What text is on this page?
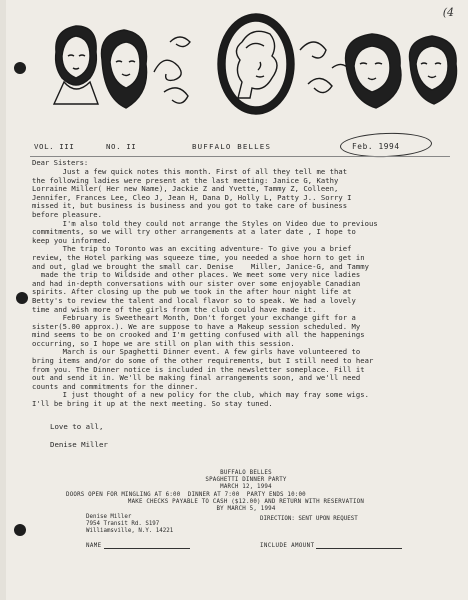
(4
VOL. III	NO. II	BUFFALO BELLES	Feb. 1994
Dear Sisters:

Just a few quick notes this month. First of all they tell me that

the following ladies were present at the last meeting: Janice G, Kathy

Lorraine Miller( Her new Name), Jackie Z and Yvette, Tammy Z, Colleen,

Jennifer, Frances Lee, Cleo J, Jean H, Dana D, Holly L, Patty J.. Sorry I

missed it, but business is business and you got to take care of business

before pleasure.

I'm also told they could not arrange the Styles on Video due to previous

commitments, so we will try other arrangements at a later date , I hope to

keep you informed.

The trip to Toronto was an exciting adventure- To give you a brief

review, the Hotel parking was squeeze time, you needed a shoe horn to get in

and out, glad we brought the small car. Denise    Miller, Janice-G, and Tammy

made the trip to Wildside and other places. We meet some very nice ladies

and had in-depth conversations with our sister over some enjoyable Canadian

spirits. After closing up the pub we took in the after hour night life at

Betty's to review the talent and local flavor so to speak. We had a lovely

time and wish more of the girls from the club could have made it.

February is Sweetheart Month, Don't forget your exchange gift for a

sister(5.00 approx.). We are suppose to have a Makeup session scheduled. My

mind seems to be on crooked and I'm getting confused with all the happenings

occurring, so I hope we are still on plan with this session.

March is our Spaghetti Dinner event. A few girls have volunteered to

bring items and/or do some of the other requirements, but I still need to hear

from you. The Dinner notice is included in the newsletter someplace. Fill it

out and send it in. We'll be making final arrangements soon, and we'll need

counts and commitments for the dinner.

I just thought of a new policy for the club, which may fray some wigs.

I'll be bring it up at the next meeting. So stay tuned.

Love to all,
Denise Miller
BUFFALO BELLES
SPAGHETTI DINNER PARTY
MARCH 12, 1994
DOORS OPEN FOR MINGLING AT 6:00  DINNER AT 7:00  PARTY ENDS 10:00
MAKE CHECKS PAYABLE TO CASH ($12.00) AND RETURN WITH RESERVATION
BY MARCH 5, 1994
Denise Miller
7954 Transit Rd. S197
Williamsville, N.Y. 14221
DIRECTION: SENT UPON REQUEST
NAME	INCLUDE AMOUNT
